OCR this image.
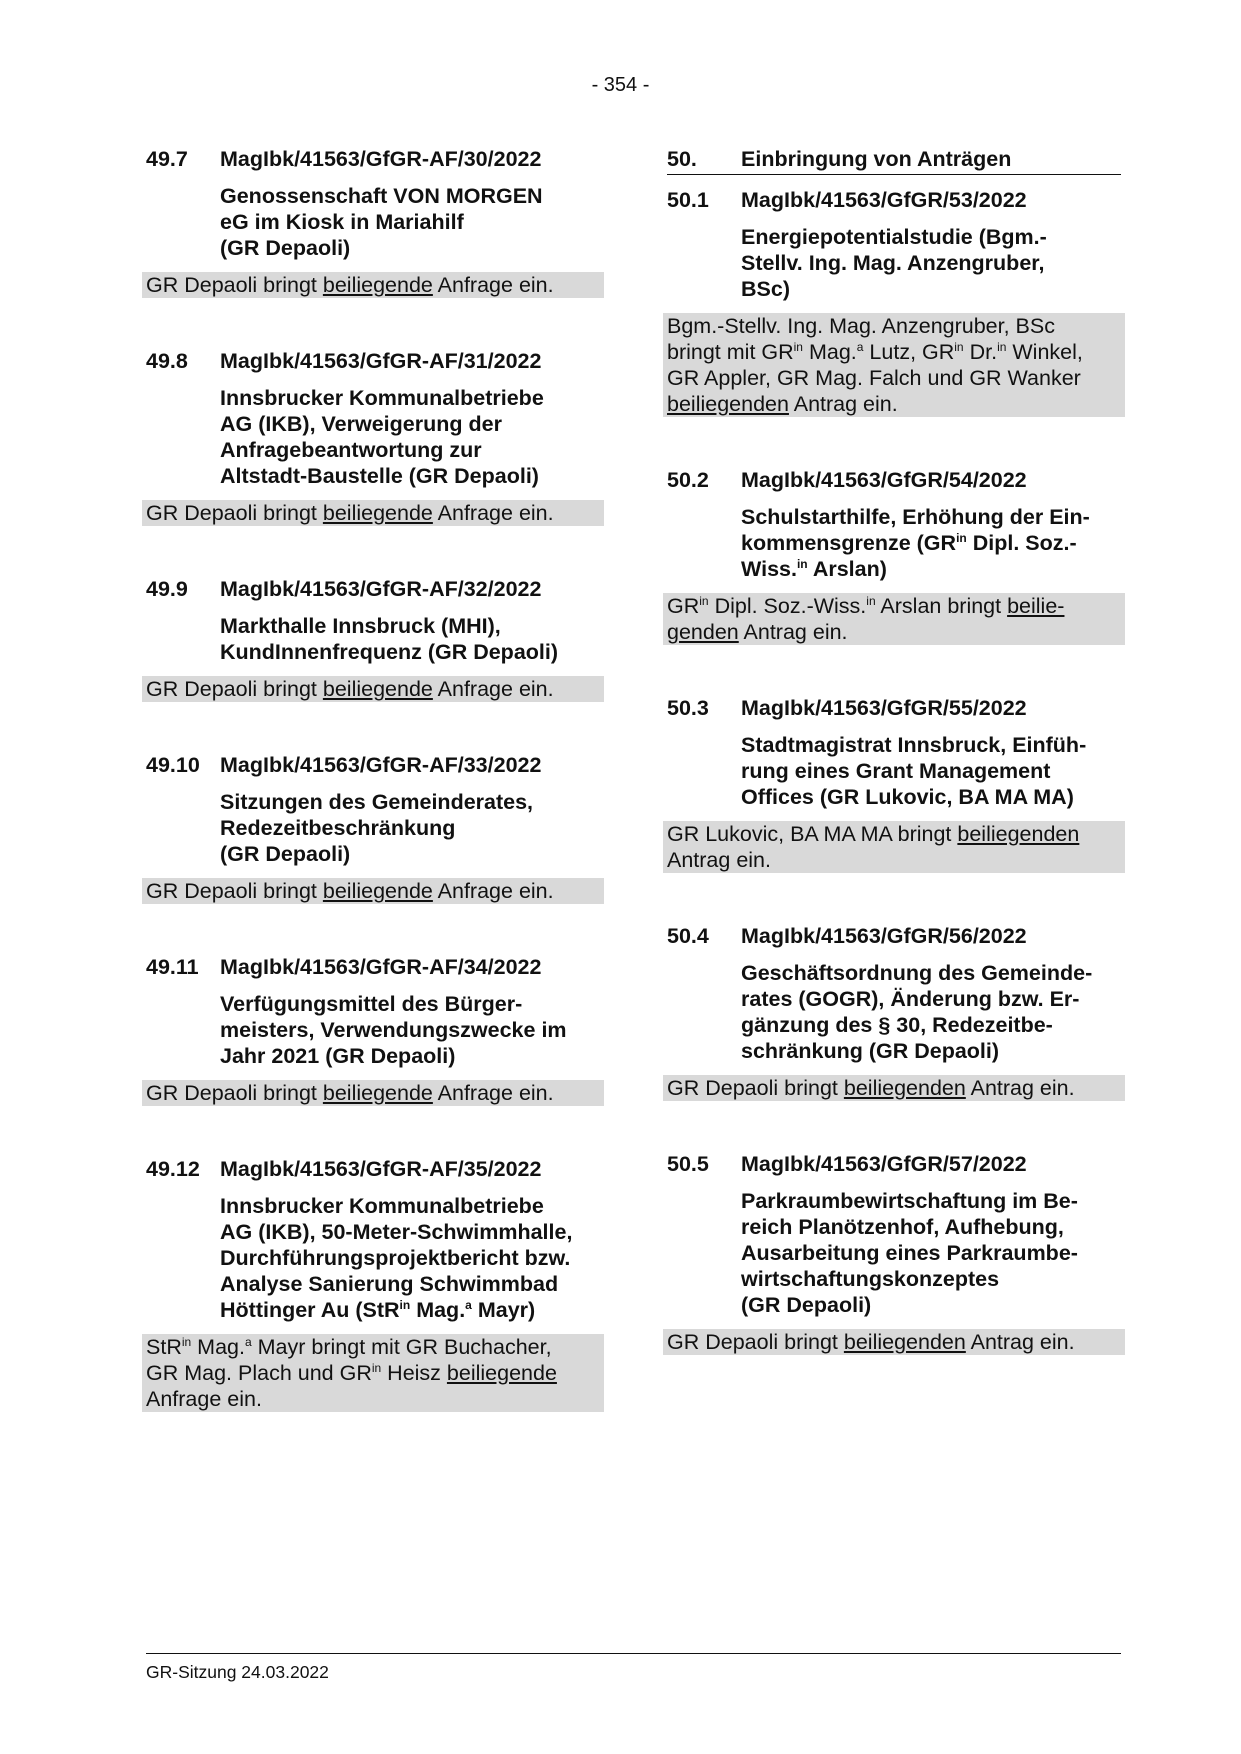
- 354 -
49.7	MagIbk/41563/GfGR-AF/30/2022
Genossenschaft VON MORGEN
eG im Kiosk in Mariahilf
(GR Depaoli)
GR Depaoli bringt beiliegende Anfrage ein.
49.8	MagIbk/41563/GfGR-AF/31/2022
Innsbrucker Kommunalbetriebe
AG (IKB), Verweigerung der
Anfragebeantwortung zur
Altstadt-Baustelle (GR Depaoli)
GR Depaoli bringt beiliegende Anfrage ein.
49.9	MagIbk/41563/GfGR-AF/32/2022
Markthalle Innsbruck (MHI),
KundInnenfrequenz (GR Depaoli)
GR Depaoli bringt beiliegende Anfrage ein.
49.10 MagIbk/41563/GfGR-AF/33/2022
Sitzungen des Gemeinderates,
Redezeitbeschränkung
(GR Depaoli)
GR Depaoli bringt beiliegende Anfrage ein.
49.11 MagIbk/41563/GfGR-AF/34/2022
Verfügungsmittel des Bürger-
meisters, Verwendungszwecke im
Jahr 2021 (GR Depaoli)
GR Depaoli bringt beiliegende Anfrage ein.
49.12 MagIbk/41563/GfGR-AF/35/2022
Innsbrucker Kommunalbetriebe
AG (IKB), 50-Meter-Schwimmhalle,
Durchführungsprojektbericht bzw.
Analyse Sanierung Schwimmbad
Höttinger Au (StR$^{in}$ Mag.$^a$ Mayr)
StR$^{in}$ Mag.$^a$ Mayr bringt mit GR Buchacher,
GR Mag. Plach und $GR^{in}$ Heisz beiliegende
Anfrage ein.
50.	Einbringung von Anträgen
50.1	MagIbk/41563/GfGR/53/2022
Energiepotentialstudie (Bgm.-
Stellv. Ing. Mag. Anzengruber,
BSc)
Bgm.-Stellv. Ing. Mag. Anzengruber, BSc
bringt mit $GR^{in}$ Mag.$^a$ Lutz, $GR^{in}$ Dr.$^{in}$ Winkel,
GR Appler, GR Mag. Falch und GR Wanker
beiliegenden Antrag ein.
50.2	MagIbk/41563/GfGR/54/2022
Schulstarthilfe, Erhöhung der Ein-
kommensgrenze ($GR^{in}$ Dipl. Soz.-
Wiss.$^{in}$ Arslan)
$GR^{in}$ Dipl. Soz.-Wiss.$^{in}$ Arslan bringt beilie-
genden Antrag ein.
50.3	MagIbk/41563/GfGR/55/2022
Stadtmagistrat Innsbruck, Einfüh-
rung eines Grant Management
Offices (GR Lukovic, BA MA MA)
GR Lukovic, BA MA MA bringt beiliegenden
Antrag ein.
50.4	MagIbk/41563/GfGR/56/2022
Geschäftsordnung des Gemeinde-
rates (GOGR), Änderung bzw. Er-
gänzung des § 30, Redezeitbe-
schränkung (GR Depaoli)
GR Depaoli bringt beiliegenden Antrag ein.
50.5	MagIbk/41563/GfGR/57/2022
Parkraumbewirtschaftung im Be-
reich Planötzenhof, Aufhebung,
Ausarbeitung eines Parkraumbe-
wirtschaftungskonzeptes
(GR Depaoli)
GR Depaoli bringt beiliegenden Antrag ein.
GR-Sitzung 24.03.2022
